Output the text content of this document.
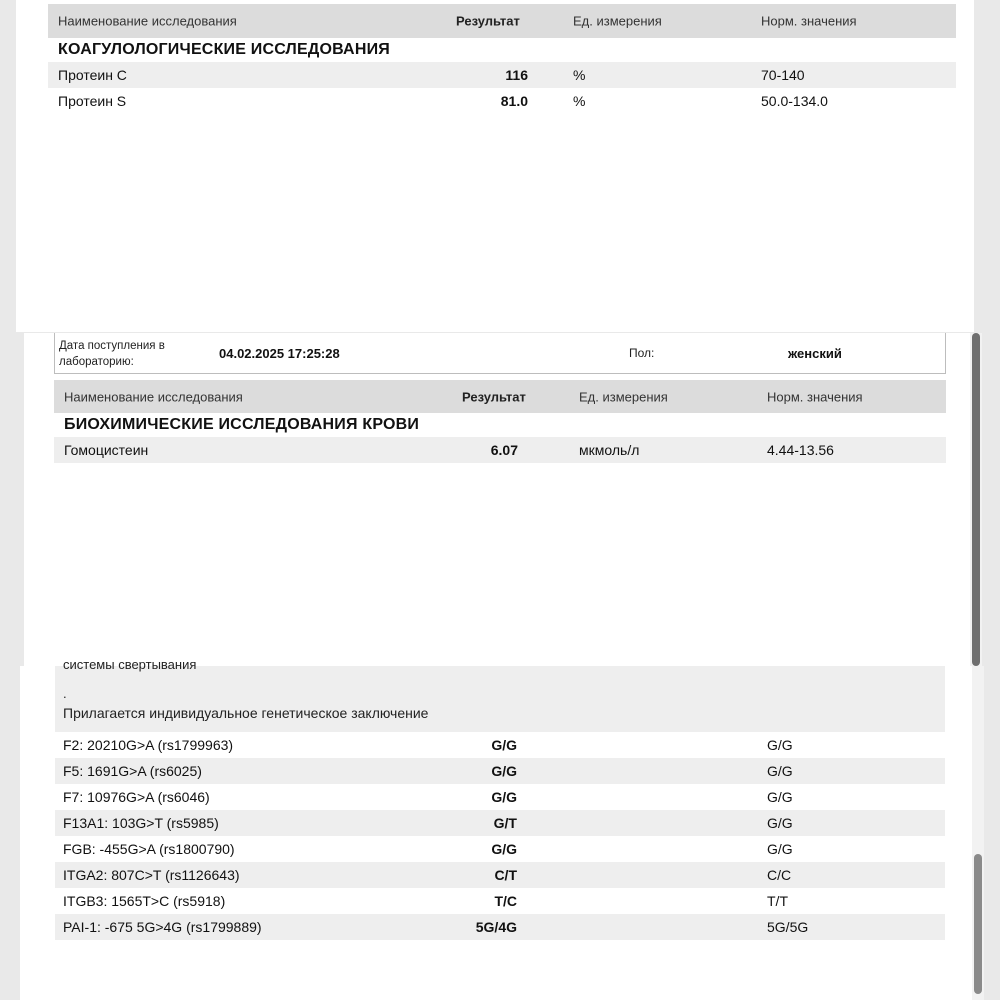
Наименование исследования	Результат	Ед. измерения	Норм. значения
КОАГУЛОЛОГИЧЕСКИЕ ИССЛЕДОВАНИЯ
Протеин С	116	%	70-140
Протеин S	81.0	%	50.0-134.0
Дата поступления в
лабораторию:
04.02.2025 17:25:28	Пол:	женский
Наименование исследования	Результат	Ед. измерения	Норм. значения
БИОХИМИЧЕСКИЕ ИССЛЕДОВАНИЯ КРОВИ
Гомоцистеин	6.07	мкмоль/л	4.44-13.56
системы свертывания
.
Прилагается индивидуальное генетическое заключение
F2: 20210G>A (rs1799963)	G/G	G/G
F5: 1691G>A (rs6025)	G/G	G/G
F7: 10976G>A (rs6046)	G/G	G/G
F13A1: 103G>T (rs5985)	G/T	G/G
FGB: -455G>A (rs1800790)	G/G	G/G
ITGA2: 807C>T (rs1126643)	C/T	C/C
ITGB3: 1565T>C (rs5918)	T/C	T/T
PAI-1: -675 5G>4G (rs1799889)	5G/4G	5G/5G
